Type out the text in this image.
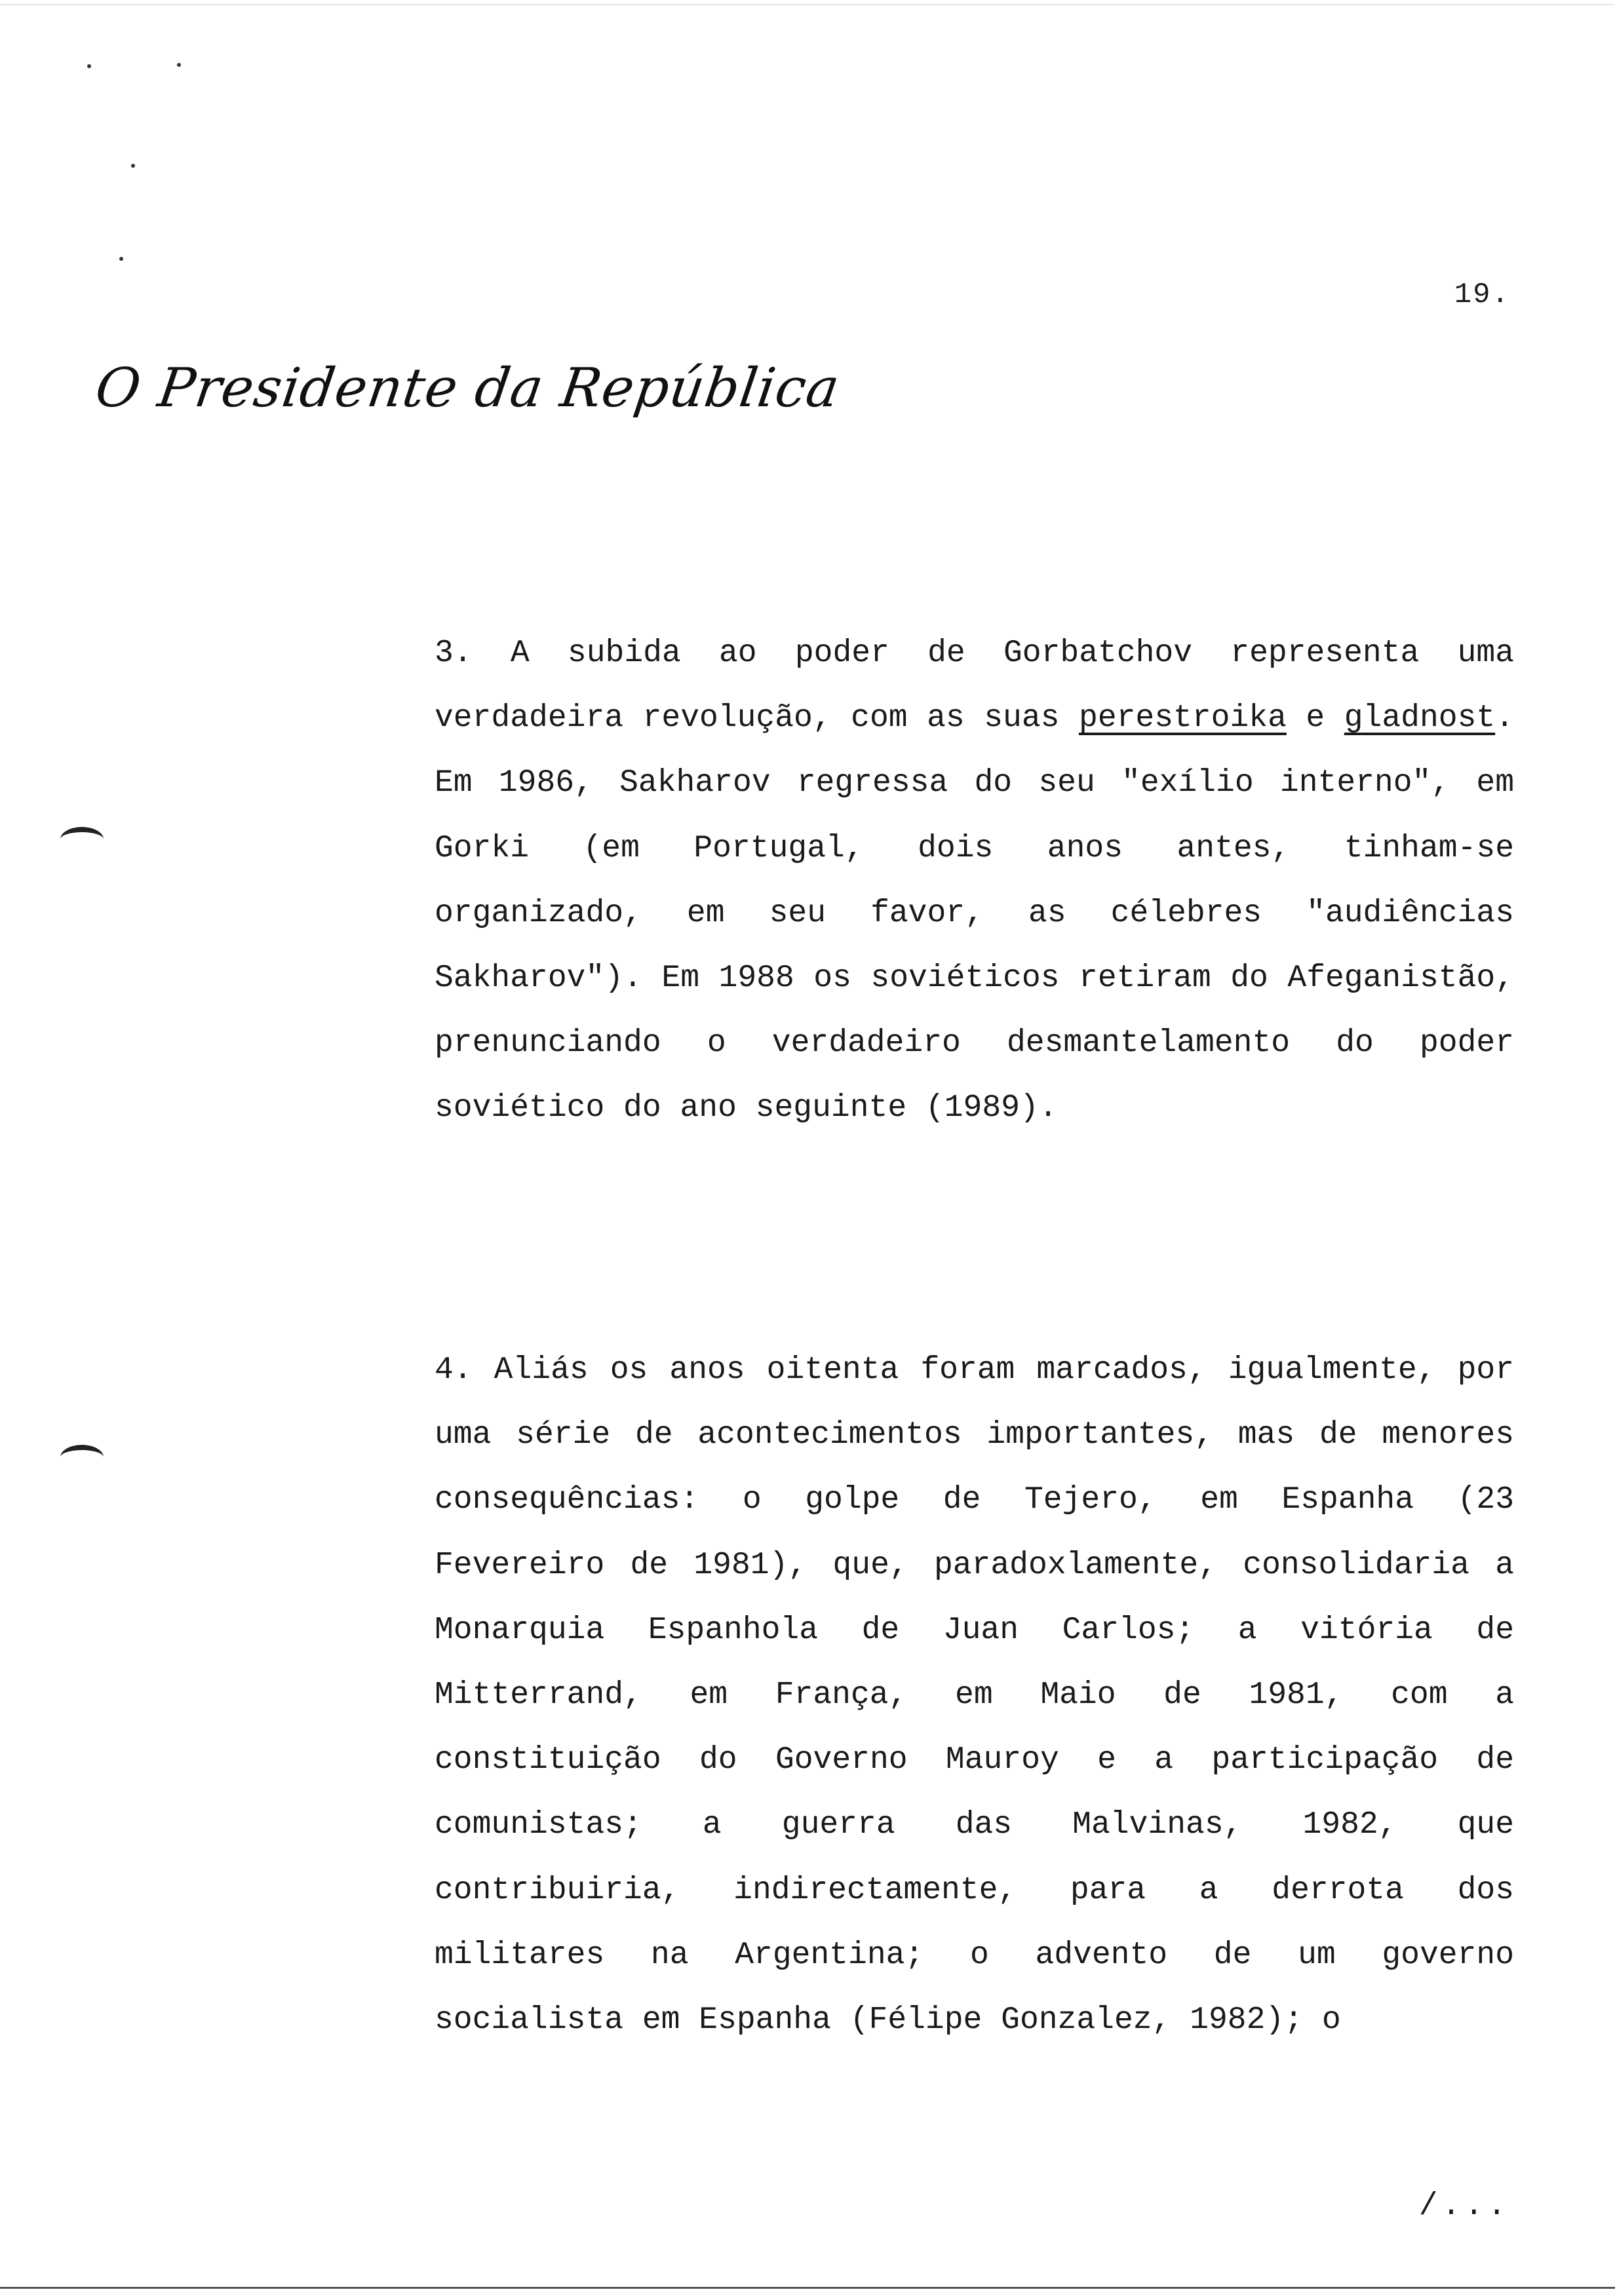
19.
O Presidente da República
3. A subida ao poder de Gorbatchov representa uma verdadeira revolução, com as suas perestroika e gladnost. Em 1986, Sakharov regressa do seu "exílio interno", em Gorki (em Portugal, dois anos antes, tinham-se organizado, em seu favor, as célebres "audiências Sakharov"). Em 1988 os soviéticos retiram do Afeganistão, prenunciando o verdadeiro desmantelamento do poder soviético do ano seguinte (1989).
4. Aliás os anos oitenta foram marcados, igualmente, por uma série de acontecimentos importantes, mas de menores consequências: o golpe de Tejero, em Espanha (23 Fevereiro de 1981), que, paradoxlamente, consolidaria a Monarquia Espanhola de Juan Carlos; a vitória de Mitterrand, em França, em Maio de 1981, com a constituição do Governo Mauroy e a participação de comunistas; a guerra das Malvinas, 1982, que contribuiria, indirectamente, para a derrota dos militares na Argentina; o advento de um governo socialista em Espanha (Félipe Gonzalez, 1982); o
/...
